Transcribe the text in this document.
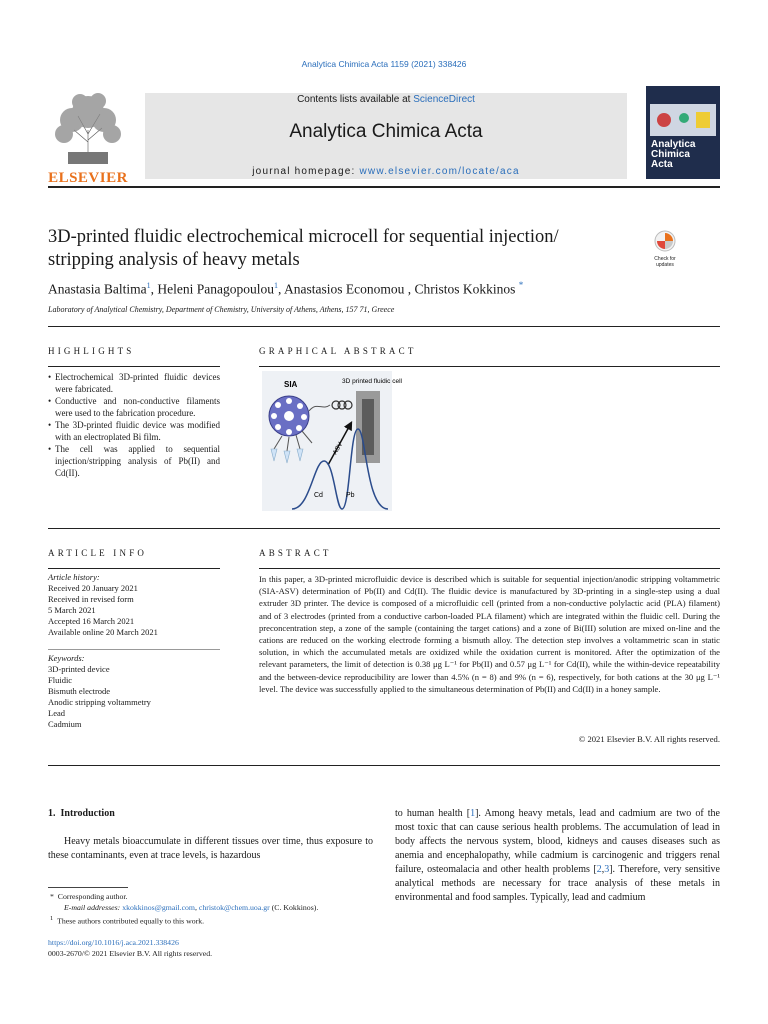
Analytica Chimica Acta 1159 (2021) 338426
ELSEVIER
Contents lists available at ScienceDirect
Analytica Chimica Acta
journal homepage: www.elsevier.com/locate/aca
Analytica
Chimica
Acta
3D-printed fluidic electrochemical microcell for sequential injection/
stripping analysis of heavy metals	Check for updates
Anastasia Baltima$^1$, Heleni Panagopoulou$^1$, Anastasios Economou , Christos Kokkinos *
Laboratory of Analytical Chemistry, Department of Chemistry, University of Athens, Athens, 157 71, Greece
HIGHLIGHTS
• Electrochemical 3D-printed fluidic devices were fabricated.
• Conductive and non-conductive filaments were used to the fabrication procedure.
• The 3D-printed fluidic device was modified with an electroplated Bi film.
• The cell was applied to sequential injection/stripping analysis of Pb(II) and Cd(II).
GRAPHICAL ABSTRACT
SIA	3D printed fluidic cell
ASV
Cd	Pb
ARTICLE INFO
Article history:
Received 20 January 2021
Received in revised form
5 March 2021
Accepted 16 March 2021
Available online 20 March 2021
Keywords:
3D-printed device
Fluidic
Bismuth electrode
Anodic stripping voltammetry
Lead
Cadmium
ABSTRACT
In this paper, a 3D-printed microfluidic device is described which is suitable for sequential injection/anodic stripping voltammetric (SIA-ASV) determination of Pb(II) and Cd(II). The fluidic device is manufactured by 3D-printing in a single-step using a dual extruder 3D printer. The device is composed of a microfluidic cell (printed from a non-conductive polylactic acid (PLA) filament) and of 3 electrodes (printed from a conductive carbon-loaded PLA filament) which are integrated within the fluidic cell. During the preconcentration step, a zone of the sample (containing the target cations) and a zone of Bi(III) solution are mixed on-line and the cations are reduced on the working electrode forming a bismuth alloy. The detection step involves a voltammetric scan in static solution, in which the accumulated metals are oxidized while the oxidation current is monitored. After the optimization of the relevant parameters, the limit of detection is 0.38 μg L⁻¹ for Pb(II) and 0.57 μg L⁻¹ for Cd(II), while the within-device repeatability and the between-device reproducibility are lower than 4.5% (n = 8) and 9% (n = 6), respectively, for both cations at the 30 μg L⁻¹ level. The device was successfully applied to the simultaneous determination of Pb(II) and Cd(II) in a honey sample.
© 2021 Elsevier B.V. All rights reserved.
1. Introduction
Heavy metals bioaccumulate in different tissues over time, thus exposure to these contaminants, even at trace levels, is hazardous
to human health [1]. Among heavy metals, lead and cadmium are two of the most toxic that can cause serious health problems. The accumulation of lead in body affects the nervous system, blood, kidneys and causes diseases such as anemia and encephalopathy, while cadmium is carcinogenic and triggers renal failure, osteomalacia and other health problems [2,3]. Therefore, very sensitive analytical methods are necessary for trace analysis of these metals in environmental and food samples. Typically, lead and cadmium
* Corresponding author.
E-mail addresses: xkokkinos@gmail.com, christok@chem.uoa.gr (C. Kokkinos).
$^1$ These authors contributed equally to this work.
https://doi.org/10.1016/j.aca.2021.338426
0003-2670/© 2021 Elsevier B.V. All rights reserved.
